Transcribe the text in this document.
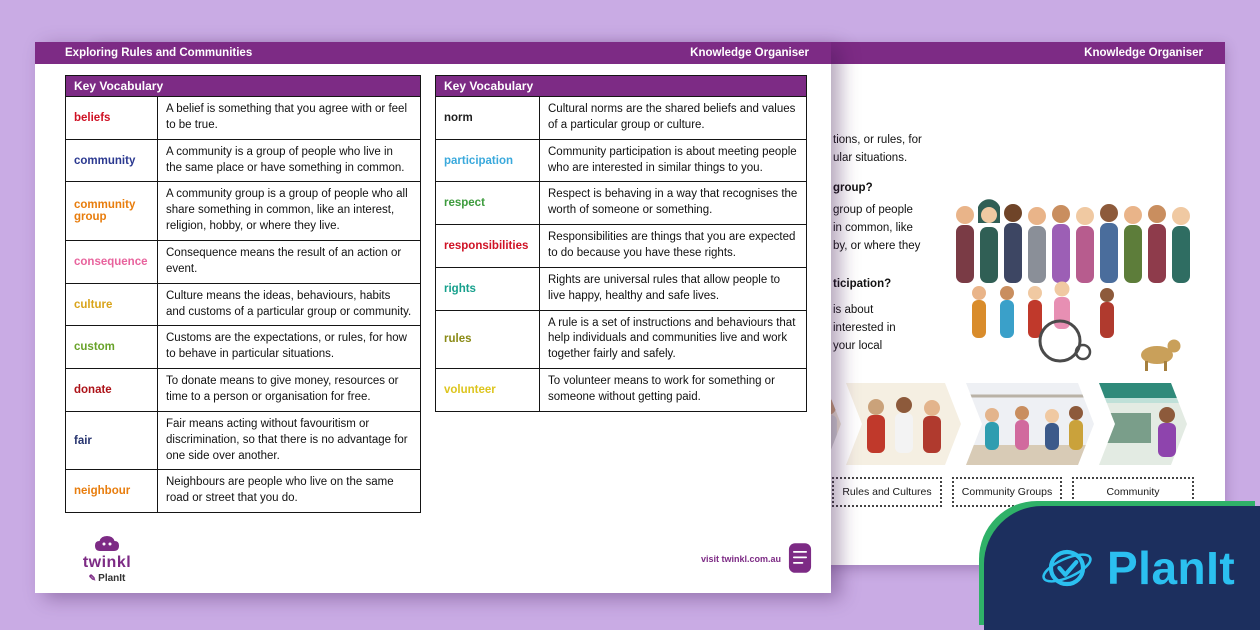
Knowledge Organiser
tions, or rules, for
ular situations.
group?
group of people
in common, like
by, or where they
ticipation?
is about
interested in
your local
Rules and Cultures	Community Groups	Community
Exploring Rules and Communities	Knowledge Organiser
Key Vocabulary	
beliefs	A belief is something that you agree with or feel to be true.
community	A community is a group of people who live in the same place or have something in common.
community group	A community group is a group of people who all share something in common, like an interest, religion, hobby, or where they live.
consequence	Consequence means the result of an action or event.
culture	Culture means the ideas, behaviours, habits and customs of a particular group or community.
custom	Customs are the expectations, or rules, for how to behave in particular situations.
donate	To donate means to give money, resources or time to a person or organisation for free.
fair	Fair means acting without favouritism or discrimination, so that there is no advantage for one side over another.
neighbour	Neighbours are people who live on the same road or street that you do.
Key Vocabulary	
norm	Cultural norms are the shared beliefs and values of a particular group or culture.
participation	Community participation is about meeting people who are interested in similar things to you.
respect	Respect is behaving in a way that recognises the worth of someone or something.
responsibilities	Responsibilities are things that you are expected to do because you have these rights.
rights	Rights are universal rules that allow people to live happy, healthy and safe lives.
rules	A rule is a set of instructions and behaviours that help individuals and communities live and work together fairly and safely.
volunteer	To volunteer means to work for something or someone without getting paid.
twinkl
✎ PlanIt
visit twinkl.com.au	PlanIt
